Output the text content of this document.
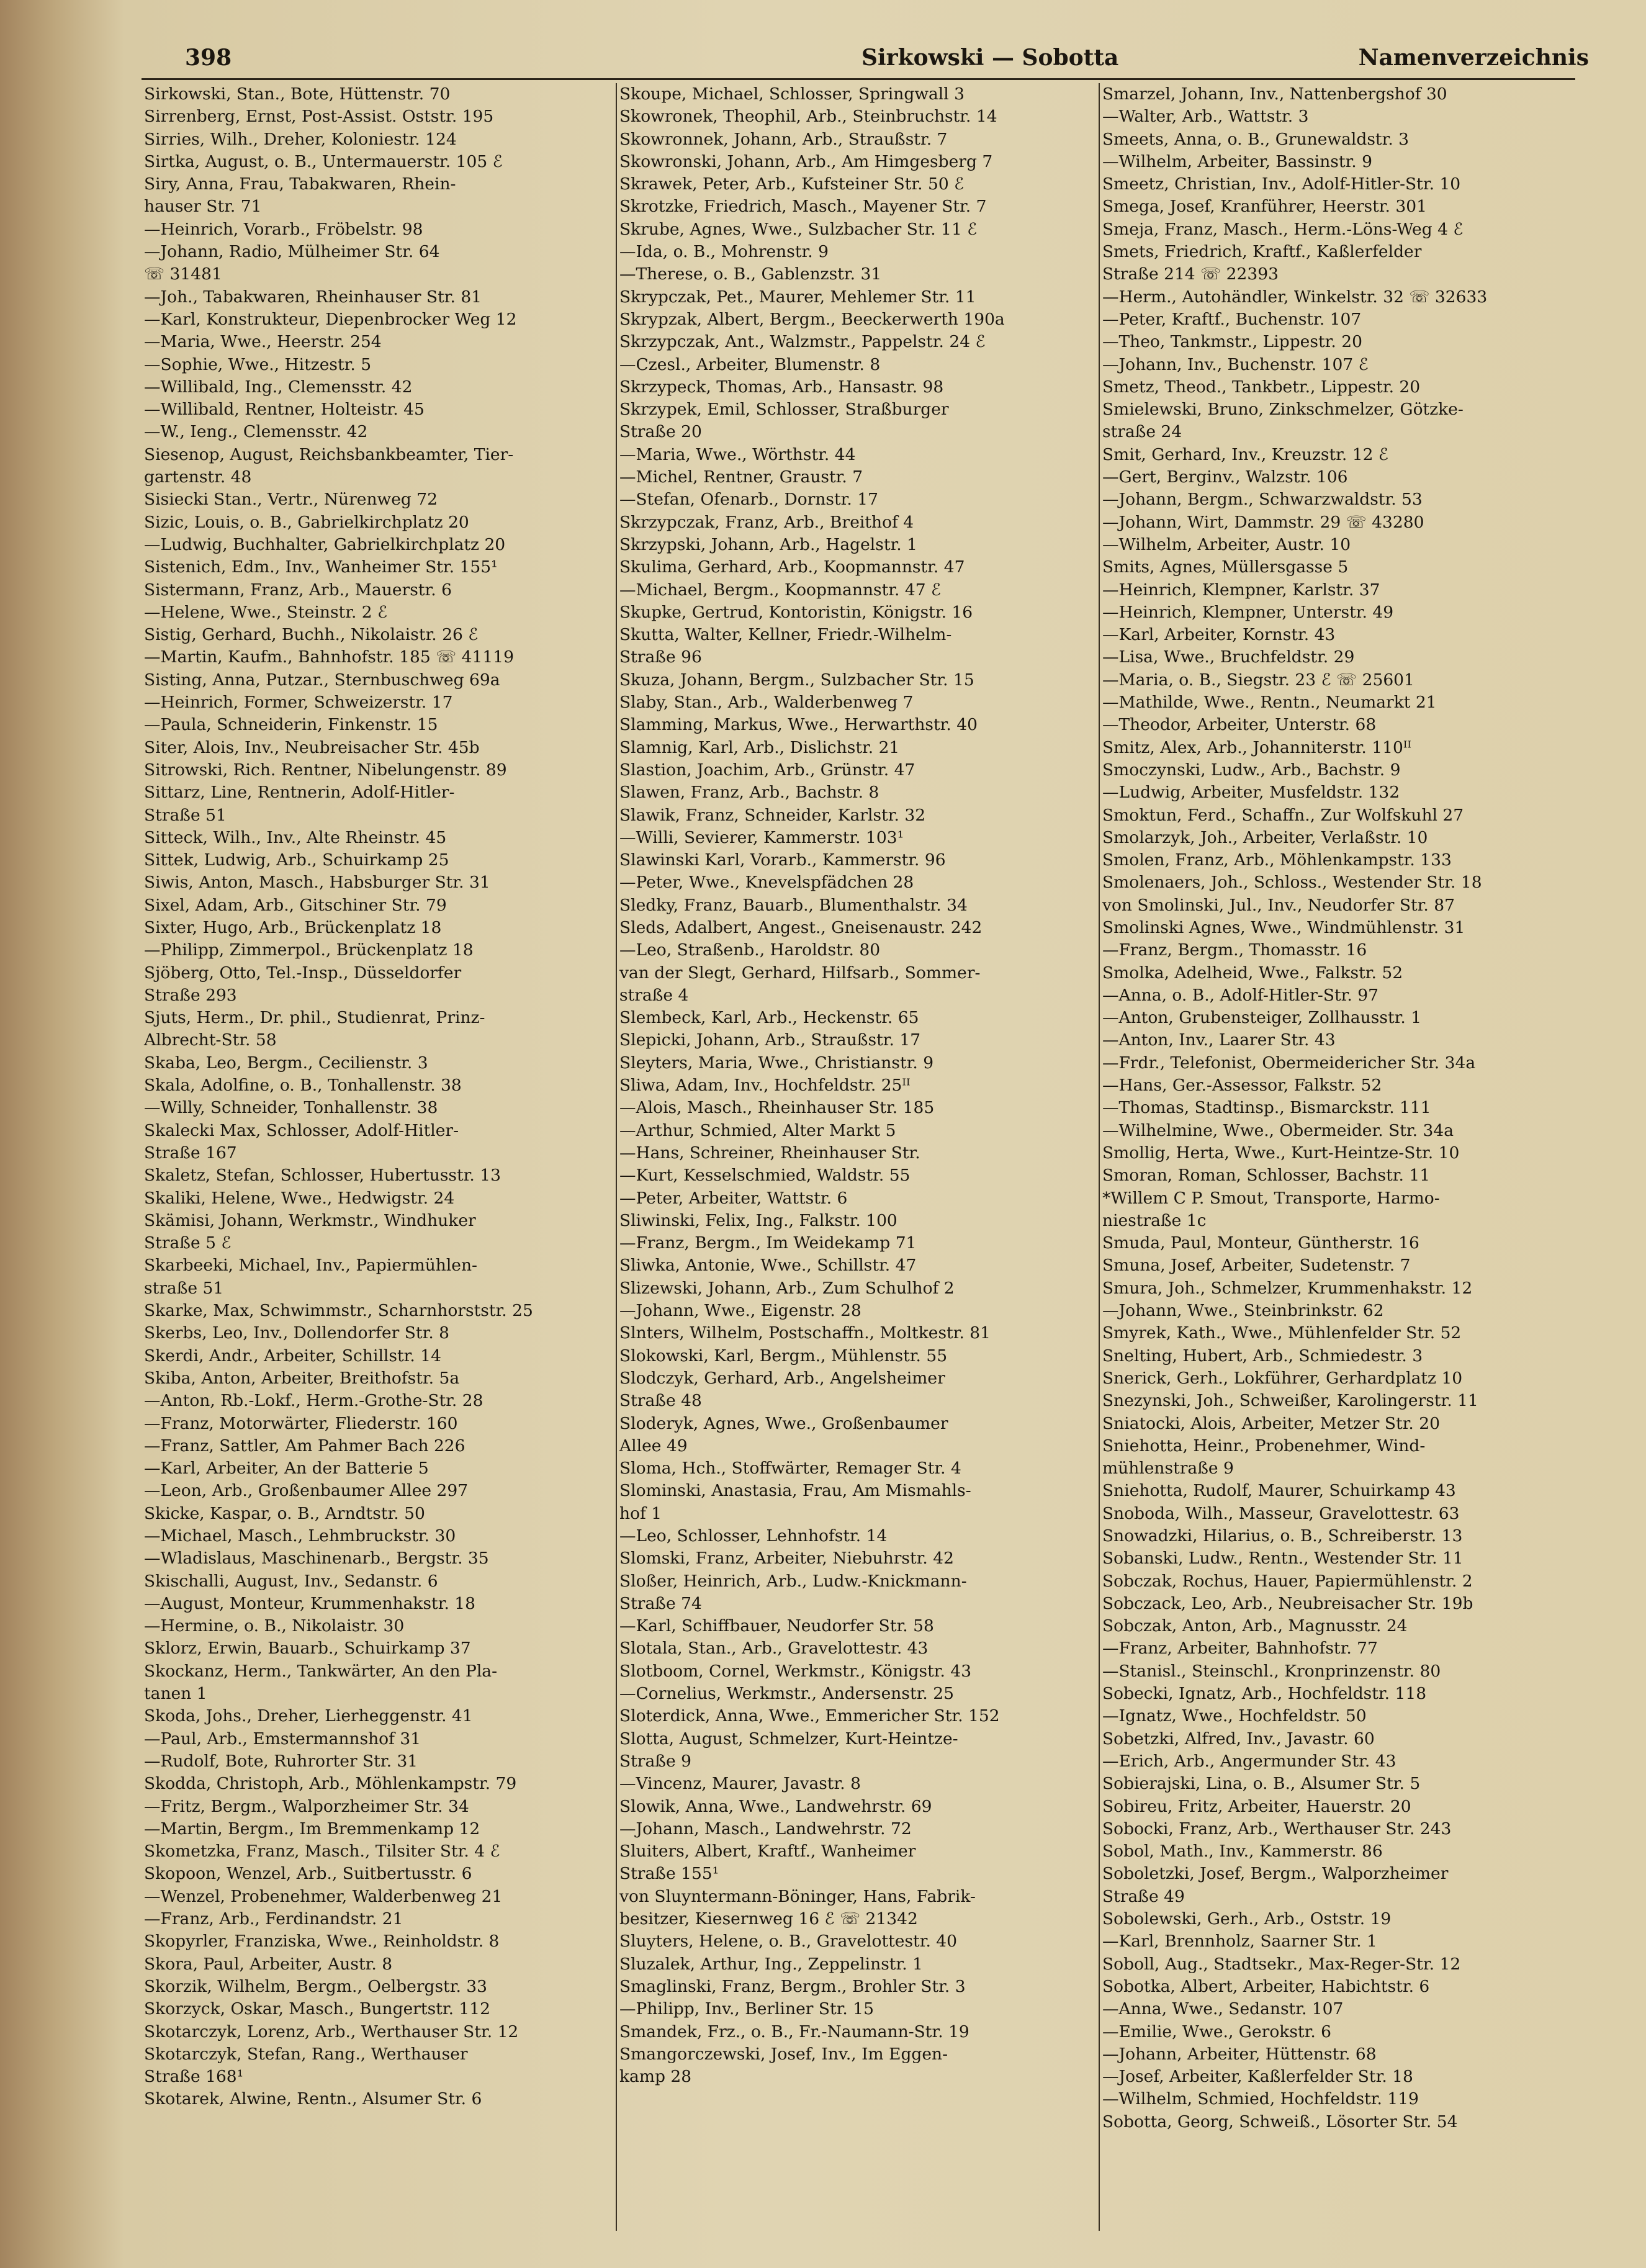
398	Sirkowski — Sobotta	Namenverzeichnis

Sirkowski, Stan., Bote, Hüttenstr. 70

Sirrenberg, Ernst, Post-Assist. Oststr. 195

Sirries, Wilh., Dreher, Koloniestr. 124

Sirtka, August, o. B., Untermauerstr. 105 ℰ

Siry, Anna, Frau, Tabakwaren, Rhein-

hauser Str. 71

—Heinrich, Vorarb., Fröbelstr. 98

—Johann, Radio, Mülheimer Str. 64

☏ 31481

—Joh., Tabakwaren, Rheinhauser Str. 81

—Karl, Konstrukteur, Diepenbrocker Weg 12

—Maria, Wwe., Heerstr. 254

—Sophie, Wwe., Hitzestr. 5

—Willibald, Ing., Clemensstr. 42

—Willibald, Rentner, Holteistr. 45

—W., Ieng., Clemensstr. 42

Siesenop, August, Reichsbankbeamter, Tier-

gartenstr. 48

Sisiecki Stan., Vertr., Nürenweg 72

Sizic, Louis, o. B., Gabrielkirchplatz 20

—Ludwig, Buchhalter, Gabrielkirchplatz 20

Sistenich, Edm., Inv., Wanheimer Str. 155¹

Sistermann, Franz, Arb., Mauerstr. 6

—Helene, Wwe., Steinstr. 2 ℰ

Sistig, Gerhard, Buchh., Nikolaistr. 26 ℰ

—Martin, Kaufm., Bahnhofstr. 185 ☏ 41119

Sisting, Anna, Putzar., Sternbuschweg 69a

—Heinrich, Former, Schweizerstr. 17

—Paula, Schneiderin, Finkenstr. 15

Siter, Alois, Inv., Neubreisacher Str. 45b

Sitrowski, Rich. Rentner, Nibelungenstr. 89

Sittarz, Line, Rentnerin, Adolf-Hitler-

Straße 51

Sitteck, Wilh., Inv., Alte Rheinstr. 45

Sittek, Ludwig, Arb., Schuirkamp 25

Siwis, Anton, Masch., Habsburger Str. 31

Sixel, Adam, Arb., Gitschiner Str. 79

Sixter, Hugo, Arb., Brückenplatz 18

—Philipp, Zimmerpol., Brückenplatz 18

Sjöberg, Otto, Tel.-Insp., Düsseldorfer

Straße 293

Sjuts, Herm., Dr. phil., Studienrat, Prinz-

Albrecht-Str. 58

Skaba, Leo, Bergm., Cecilienstr. 3

Skala, Adolfine, o. B., Tonhallenstr. 38

—Willy, Schneider, Tonhallenstr. 38

Skalecki Max, Schlosser, Adolf-Hitler-

Straße 167

Skaletz, Stefan, Schlosser, Hubertusstr. 13

Skaliki, Helene, Wwe., Hedwigstr. 24

Skämisi, Johann, Werkmstr., Windhuker

Straße 5 ℰ

Skarbeeki, Michael, Inv., Papiermühlen-

straße 51

Skarke, Max, Schwimmstr., Scharnhorststr. 25

Skerbs, Leo, Inv., Dollendorfer Str. 8

Skerdi, Andr., Arbeiter, Schillstr. 14

Skiba, Anton, Arbeiter, Breithofstr. 5a

—Anton, Rb.-Lokf., Herm.-Grothe-Str. 28

—Franz, Motorwärter, Fliederstr. 160

—Franz, Sattler, Am Pahmer Bach 226

—Karl, Arbeiter, An der Batterie 5

—Leon, Arb., Großenbaumer Allee 297

Skicke, Kaspar, o. B., Arndtstr. 50

—Michael, Masch., Lehmbruckstr. 30

—Wladislaus, Maschinenarb., Bergstr. 35

Skischalli, August, Inv., Sedanstr. 6

—August, Monteur, Krummenhakstr. 18

—Hermine, o. B., Nikolaistr. 30

Sklorz, Erwin, Bauarb., Schuirkamp 37

Skockanz, Herm., Tankwärter, An den Pla-

tanen 1

Skoda, Johs., Dreher, Lierheggenstr. 41

—Paul, Arb., Emstermannshof 31

—Rudolf, Bote, Ruhrorter Str. 31

Skodda, Christoph, Arb., Möhlenkampstr. 79

—Fritz, Bergm., Walporzheimer Str. 34

—Martin, Bergm., Im Bremmenkamp 12

Skometzka, Franz, Masch., Tilsiter Str. 4 ℰ

Skopoon, Wenzel, Arb., Suitbertusstr. 6

—Wenzel, Probenehmer, Walderbenweg 21

—Franz, Arb., Ferdinandstr. 21

Skopyrler, Franziska, Wwe., Reinholdstr. 8

Skora, Paul, Arbeiter, Austr. 8

Skorzik, Wilhelm, Bergm., Oelbergstr. 33

Skorzyck, Oskar, Masch., Bungertstr. 112

Skotarczyk, Lorenz, Arb., Werthauser Str. 12

Skotarczyk, Stefan, Rang., Werthauser

Straße 168¹

Skotarek, Alwine, Rentn., Alsumer Str. 6

Skoupe, Michael, Schlosser, Springwall 3

Skowronek, Theophil, Arb., Steinbruchstr. 14

Skowronnek, Johann, Arb., Straußstr. 7

Skowronski, Johann, Arb., Am Himgesberg 7

Skrawek, Peter, Arb., Kufsteiner Str. 50 ℰ

Skrotzke, Friedrich, Masch., Mayener Str. 7

Skrube, Agnes, Wwe., Sulzbacher Str. 11 ℰ

—Ida, o. B., Mohrenstr. 9

—Therese, o. B., Gablenzstr. 31

Skrypczak, Pet., Maurer, Mehlemer Str. 11

Skrypzak, Albert, Bergm., Beeckerwerth 190a

Skrzypczak, Ant., Walzmstr., Pappelstr. 24 ℰ

—Czesl., Arbeiter, Blumenstr. 8

Skrzypeck, Thomas, Arb., Hansastr. 98

Skrzypek, Emil, Schlosser, Straßburger

Straße 20

—Maria, Wwe., Wörthstr. 44

—Michel, Rentner, Graustr. 7

—Stefan, Ofenarb., Dornstr. 17

Skrzypczak, Franz, Arb., Breithof 4

Skrzypski, Johann, Arb., Hagelstr. 1

Skulima, Gerhard, Arb., Koopmannstr. 47

—Michael, Bergm., Koopmannstr. 47 ℰ

Skupke, Gertrud, Kontoristin, Königstr. 16

Skutta, Walter, Kellner, Friedr.-Wilhelm-

Straße 96

Skuza, Johann, Bergm., Sulzbacher Str. 15

Slaby, Stan., Arb., Walderbenweg 7

Slamming, Markus, Wwe., Herwarthstr. 40

Slamnig, Karl, Arb., Dislichstr. 21

Slastion, Joachim, Arb., Grünstr. 47

Slawen, Franz, Arb., Bachstr. 8

Slawik, Franz, Schneider, Karlstr. 32

—Willi, Sevierer, Kammerstr. 103¹

Slawinski Karl, Vorarb., Kammerstr. 96

—Peter, Wwe., Knevelspfädchen 28

Sledky, Franz, Bauarb., Blumenthalstr. 34

Sleds, Adalbert, Angest., Gneisenaustr. 242

—Leo, Straßenb., Haroldstr. 80

van der Slegt, Gerhard, Hilfsarb., Sommer-

straße 4

Slembeck, Karl, Arb., Heckenstr. 65

Slepicki, Johann, Arb., Straußstr. 17

Sleyters, Maria, Wwe., Christianstr. 9

Sliwa, Adam, Inv., Hochfeldstr. 25ᴵᴵ

—Alois, Masch., Rheinhauser Str. 185

—Arthur, Schmied, Alter Markt 5

—Hans, Schreiner, Rheinhauser Str.

—Kurt, Kesselschmied, Waldstr. 55

—Peter, Arbeiter, Wattstr. 6

Sliwinski, Felix, Ing., Falkstr. 100

—Franz, Bergm., Im Weidekamp 71

Sliwka, Antonie, Wwe., Schillstr. 47

Slizewski, Johann, Arb., Zum Schulhof 2

—Johann, Wwe., Eigenstr. 28

Slnters, Wilhelm, Postschaffn., Moltkestr. 81

Slokowski, Karl, Bergm., Mühlenstr. 55

Slodczyk, Gerhard, Arb., Angelsheimer

Straße 48

Sloderyk, Agnes, Wwe., Großenbaumer

Allee 49

Sloma, Hch., Stoffwärter, Remager Str. 4

Slominski, Anastasia, Frau, Am Mismahls-

hof 1

—Leo, Schlosser, Lehnhofstr. 14

Slomski, Franz, Arbeiter, Niebuhrstr. 42

Sloßer, Heinrich, Arb., Ludw.-Knickmann-

Straße 74

—Karl, Schiffbauer, Neudorfer Str. 58

Slotala, Stan., Arb., Gravelottestr. 43

Slotboom, Cornel, Werkmstr., Königstr. 43

—Cornelius, Werkmstr., Andersenstr. 25

Sloterdick, Anna, Wwe., Emmericher Str. 152

Slotta, August, Schmelzer, Kurt-Heintze-

Straße 9

—Vincenz, Maurer, Javastr. 8

Slowik, Anna, Wwe., Landwehrstr. 69

—Johann, Masch., Landwehrstr. 72

Sluiters, Albert, Kraftf., Wanheimer

Straße 155¹

von Sluyntermann-Böninger, Hans, Fabrik-

besitzer, Kiesernweg 16 ℰ ☏ 21342

Sluyters, Helene, o. B., Gravelottestr. 40

Sluzalek, Arthur, Ing., Zeppelinstr. 1

Smaglinski, Franz, Bergm., Brohler Str. 3

—Philipp, Inv., Berliner Str. 15

Smandek, Frz., o. B., Fr.-Naumann-Str. 19

Smangorczewski, Josef, Inv., Im Eggen-

kamp 28

Smarzel, Johann, Inv., Nattenbergshof 30

—Walter, Arb., Wattstr. 3

Smeets, Anna, o. B., Grunewaldstr. 3

—Wilhelm, Arbeiter, Bassinstr. 9

Smeetz, Christian, Inv., Adolf-Hitler-Str. 10

Smega, Josef, Kranführer, Heerstr. 301

Smeja, Franz, Masch., Herm.-Löns-Weg 4 ℰ

Smets, Friedrich, Kraftf., Kaßlerfelder

Straße 214 ☏ 22393

—Herm., Autohändler, Winkelstr. 32 ☏ 32633

—Peter, Kraftf., Buchenstr. 107

—Theo, Tankmstr., Lippestr. 20

—Johann, Inv., Buchenstr. 107 ℰ

Smetz, Theod., Tankbetr., Lippestr. 20

Smielewski, Bruno, Zinkschmelzer, Götzke-

straße 24

Smit, Gerhard, Inv., Kreuzstr. 12 ℰ

—Gert, Berginv., Walzstr. 106

—Johann, Bergm., Schwarzwaldstr. 53

—Johann, Wirt, Dammstr. 29 ☏ 43280

—Wilhelm, Arbeiter, Austr. 10

Smits, Agnes, Müllersgasse 5

—Heinrich, Klempner, Karlstr. 37

—Heinrich, Klempner, Unterstr. 49

—Karl, Arbeiter, Kornstr. 43

—Lisa, Wwe., Bruchfeldstr. 29

—Maria, o. B., Siegstr. 23 ℰ ☏ 25601

—Mathilde, Wwe., Rentn., Neumarkt 21

—Theodor, Arbeiter, Unterstr. 68

Smitz, Alex, Arb., Johanniterstr. 110ᴵᴵ

Smoczynski, Ludw., Arb., Bachstr. 9

—Ludwig, Arbeiter, Musfeldstr. 132

Smoktun, Ferd., Schaffn., Zur Wolfskuhl 27

Smolarzyk, Joh., Arbeiter, Verlaßstr. 10

Smolen, Franz, Arb., Möhlenkampstr. 133

Smolenaers, Joh., Schloss., Westender Str. 18

von Smolinski, Jul., Inv., Neudorfer Str. 87

Smolinski Agnes, Wwe., Windmühlenstr. 31

—Franz, Bergm., Thomasstr. 16

Smolka, Adelheid, Wwe., Falkstr. 52

—Anna, o. B., Adolf-Hitler-Str. 97

—Anton, Grubensteiger, Zollhausstr. 1

—Anton, Inv., Laarer Str. 43

—Frdr., Telefonist, Obermeidericher Str. 34a

—Hans, Ger.-Assessor, Falkstr. 52

—Thomas, Stadtinsp., Bismarckstr. 111

—Wilhelmine, Wwe., Obermeider. Str. 34a

Smollig, Herta, Wwe., Kurt-Heintze-Str. 10

Smoran, Roman, Schlosser, Bachstr. 11

*Willem C P. Smout, Transporte, Harmo-

niestraße 1c

Smuda, Paul, Monteur, Güntherstr. 16

Smuna, Josef, Arbeiter, Sudetenstr. 7

Smura, Joh., Schmelzer, Krummenhakstr. 12

—Johann, Wwe., Steinbrinkstr. 62

Smyrek, Kath., Wwe., Mühlenfelder Str. 52

Snelting, Hubert, Arb., Schmiedestr. 3

Snerick, Gerh., Lokführer, Gerhardplatz 10

Snezynski, Joh., Schweißer, Karolingerstr. 11

Sniatocki, Alois, Arbeiter, Metzer Str. 20

Sniehotta, Heinr., Probenehmer, Wind-

mühlenstraße 9

Sniehotta, Rudolf, Maurer, Schuirkamp 43

Snoboda, Wilh., Masseur, Gravelottestr. 63

Snowadzki, Hilarius, o. B., Schreiberstr. 13

Sobanski, Ludw., Rentn., Westender Str. 11

Sobczak, Rochus, Hauer, Papiermühlenstr. 2

Sobczack, Leo, Arb., Neubreisacher Str. 19b

Sobczak, Anton, Arb., Magnusstr. 24

—Franz, Arbeiter, Bahnhofstr. 77

—Stanisl., Steinschl., Kronprinzenstr. 80

Sobecki, Ignatz, Arb., Hochfeldstr. 118

—Ignatz, Wwe., Hochfeldstr. 50

Sobetzki, Alfred, Inv., Javastr. 60

—Erich, Arb., Angermunder Str. 43

Sobierajski, Lina, o. B., Alsumer Str. 5

Sobireu, Fritz, Arbeiter, Hauerstr. 20

Sobocki, Franz, Arb., Werthauser Str. 243

Sobol, Math., Inv., Kammerstr. 86

Soboletzki, Josef, Bergm., Walporzheimer

Straße 49

Sobolewski, Gerh., Arb., Oststr. 19

—Karl, Brennholz, Saarner Str. 1

Soboll, Aug., Stadtsekr., Max-Reger-Str. 12

Sobotka, Albert, Arbeiter, Habichtstr. 6

—Anna, Wwe., Sedanstr. 107

—Emilie, Wwe., Gerokstr. 6

—Johann, Arbeiter, Hüttenstr. 68

—Josef, Arbeiter, Kaßlerfelder Str. 18

—Wilhelm, Schmied, Hochfeldstr. 119

Sobotta, Georg, Schweiß., Lösorter Str. 54
